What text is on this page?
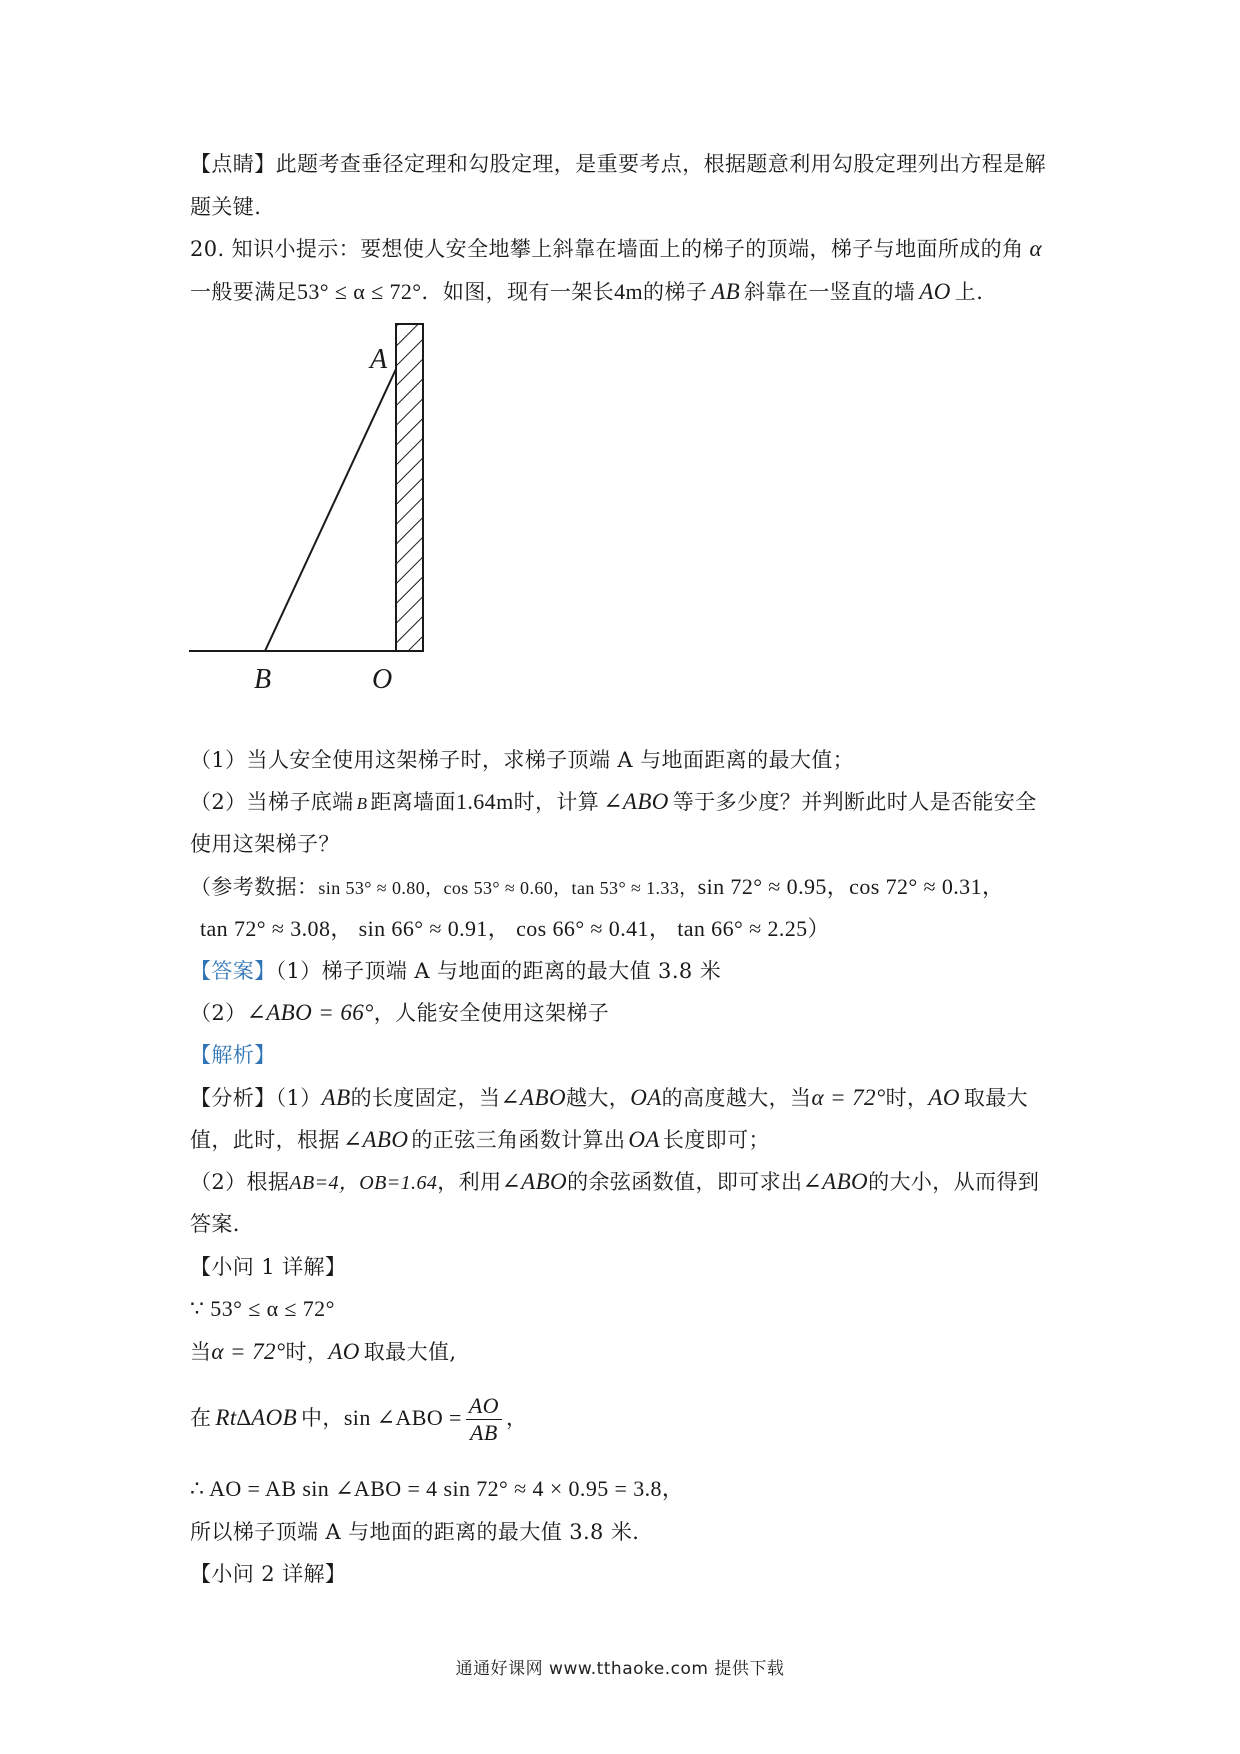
【点睛】此题考查垂径定理和勾股定理，是重要考点，根据题意利用勾股定理列出方程是解
题关键.
20. 知识小提示：要想使人安全地攀上斜靠在墙面上的梯子的顶端，梯子与地面所成的角 α
一般要满足53° ≤ α ≤ 72°．如图，现有一架长4m的梯子 AB 斜靠在一竖直的墙 AO 上.
A
B	O
（1）当人安全使用这架梯子时，求梯子顶端 A 与地面距离的最大值；
（2）当梯子底端 B 距离墙面1.64m时，计算 ∠ABO 等于多少度？并判断此时人是否能安全
使用这架梯子？
（参考数据：sin 53° ≈ 0.80，cos 53° ≈ 0.60，tan 53° ≈ 1.33，sin 72° ≈ 0.95，cos 72° ≈ 0.31，
tan 72° ≈ 3.08， sin 66° ≈ 0.91， cos 66° ≈ 0.41， tan 66° ≈ 2.25）
【答案】（1）梯子顶端 A 与地面的距离的最大值 3.8 米
（2）∠ABO = 66°，人能安全使用这架梯子
【解析】
【分析】（1）AB的长度固定，当∠ABO越大，OA的高度越大，当α = 72°时，AO 取最大
值，此时，根据 ∠ABO 的正弦三角函数计算出 OA 长度即可；
（2）根据AB=4，OB=1.64，利用∠ABO的余弦函数值，即可求出∠ABO的大小，从而得到
答案.
【小问 1 详解】
∵ 53° ≤ α ≤ 72°
当α = 72°时，AO 取最大值,
在 Rt∆AOB 中，sin ∠ABO = $\frac{AO}{AB}$ ，
∴ AO = AB sin ∠ABO = 4 sin 72° ≈ 4 × 0.95 = 3.8，
所以梯子顶端 A 与地面的距离的最大值 3.8 米.
【小问 2 详解】
通通好课网 www.tthaoke.com 提供下载
